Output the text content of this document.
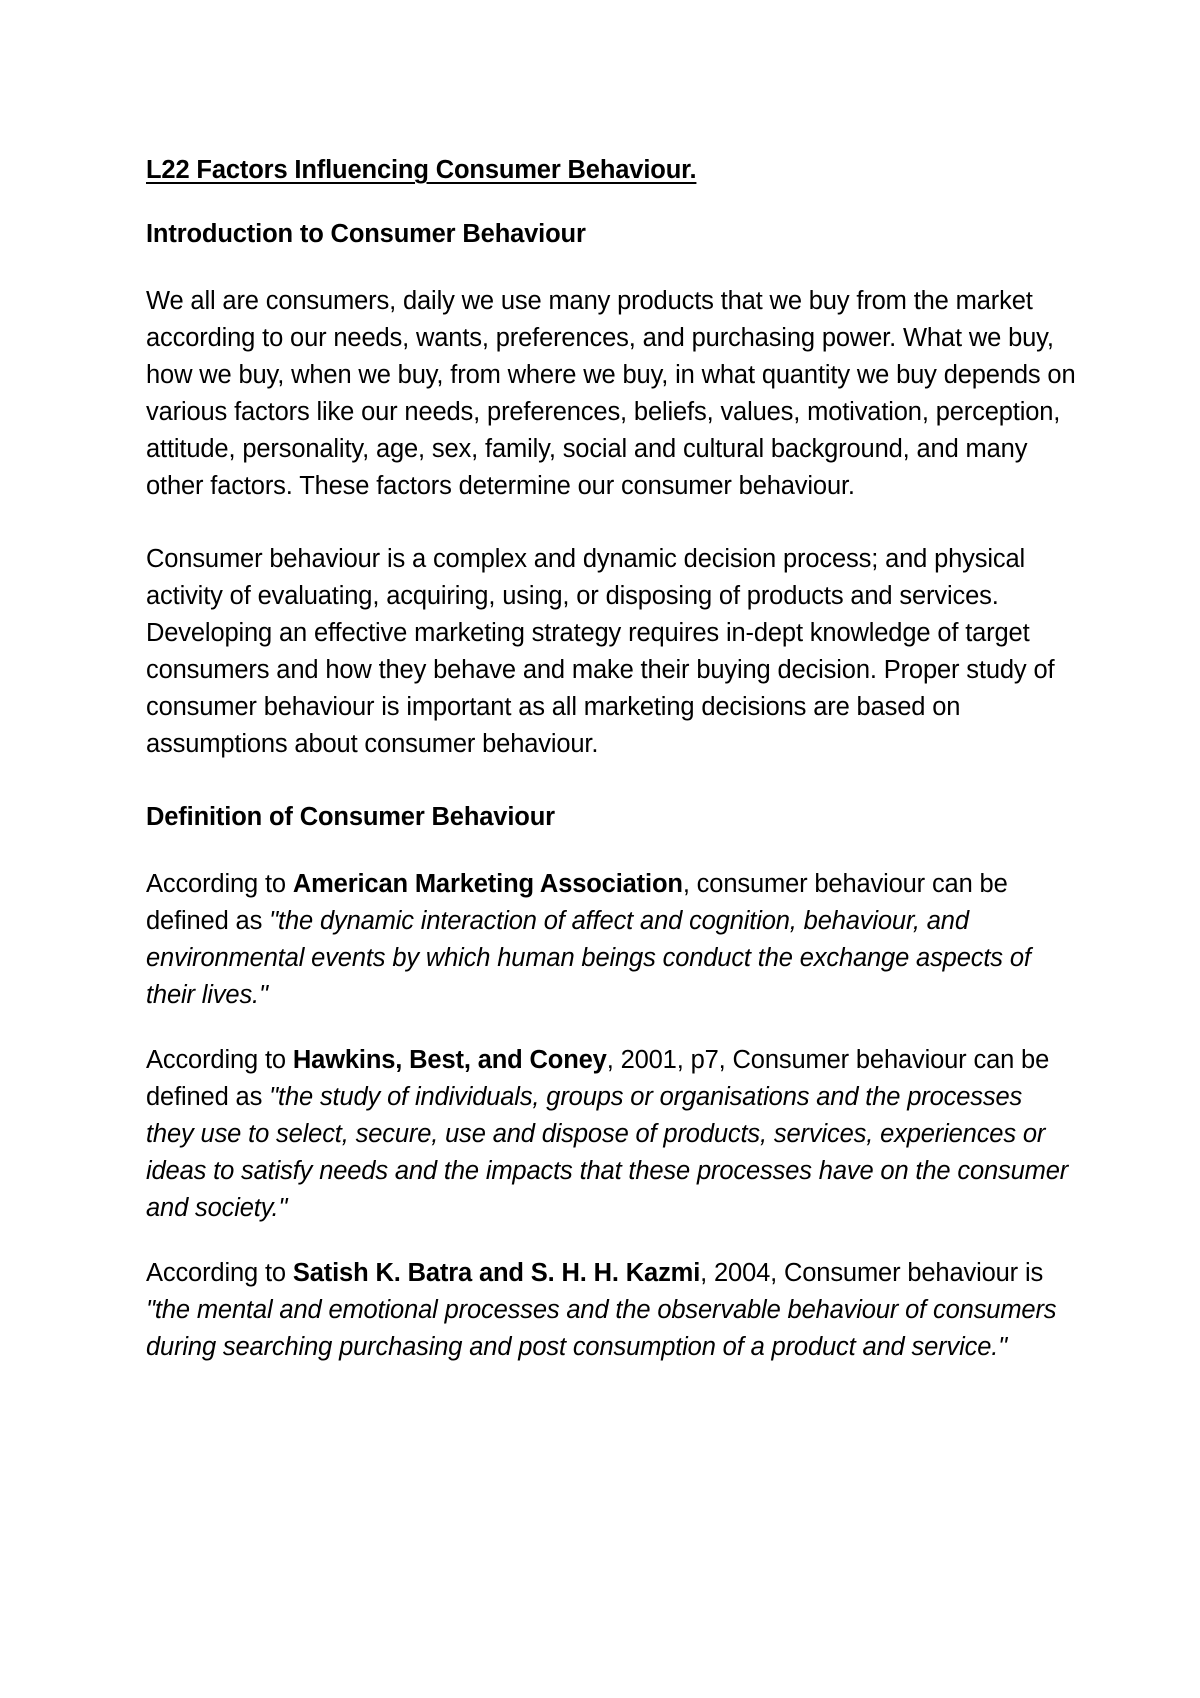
L22 Factors Influencing Consumer Behaviour.
Introduction to Consumer Behaviour

We all are consumers, daily we use many products that we buy from the market according to our needs, wants, preferences, and purchasing power. What we buy, how we buy, when we buy, from where we buy, in what quantity we buy depends on various factors like our needs, preferences, beliefs, values, motivation, perception, attitude, personality, age, sex, family, social and cultural background, and many other factors. These factors determine our consumer behaviour.

Consumer behaviour is a complex and dynamic decision process; and physical activity of evaluating, acquiring, using, or disposing of products and services. Developing an effective marketing strategy requires in-dept knowledge of target consumers and how they behave and make their buying decision. Proper study of consumer behaviour is important as all marketing decisions are based on assumptions about consumer behaviour.

Definition of Consumer Behaviour

According to American Marketing Association, consumer behaviour can be defined as "the dynamic interaction of affect and cognition, behaviour, and environmental events by which human beings conduct the exchange aspects of their lives."

According to Hawkins, Best, and Coney, 2001, p7, Consumer behaviour can be defined as "the study of individuals, groups or organisations and the processes they use to select, secure, use and dispose of products, services, experiences or ideas to satisfy needs and the impacts that these processes have on the consumer and society."

According to Satish K. Batra and S. H. H. Kazmi, 2004, Consumer behaviour is "the mental and emotional processes and the observable behaviour of consumers during searching purchasing and post consumption of a product and service."
